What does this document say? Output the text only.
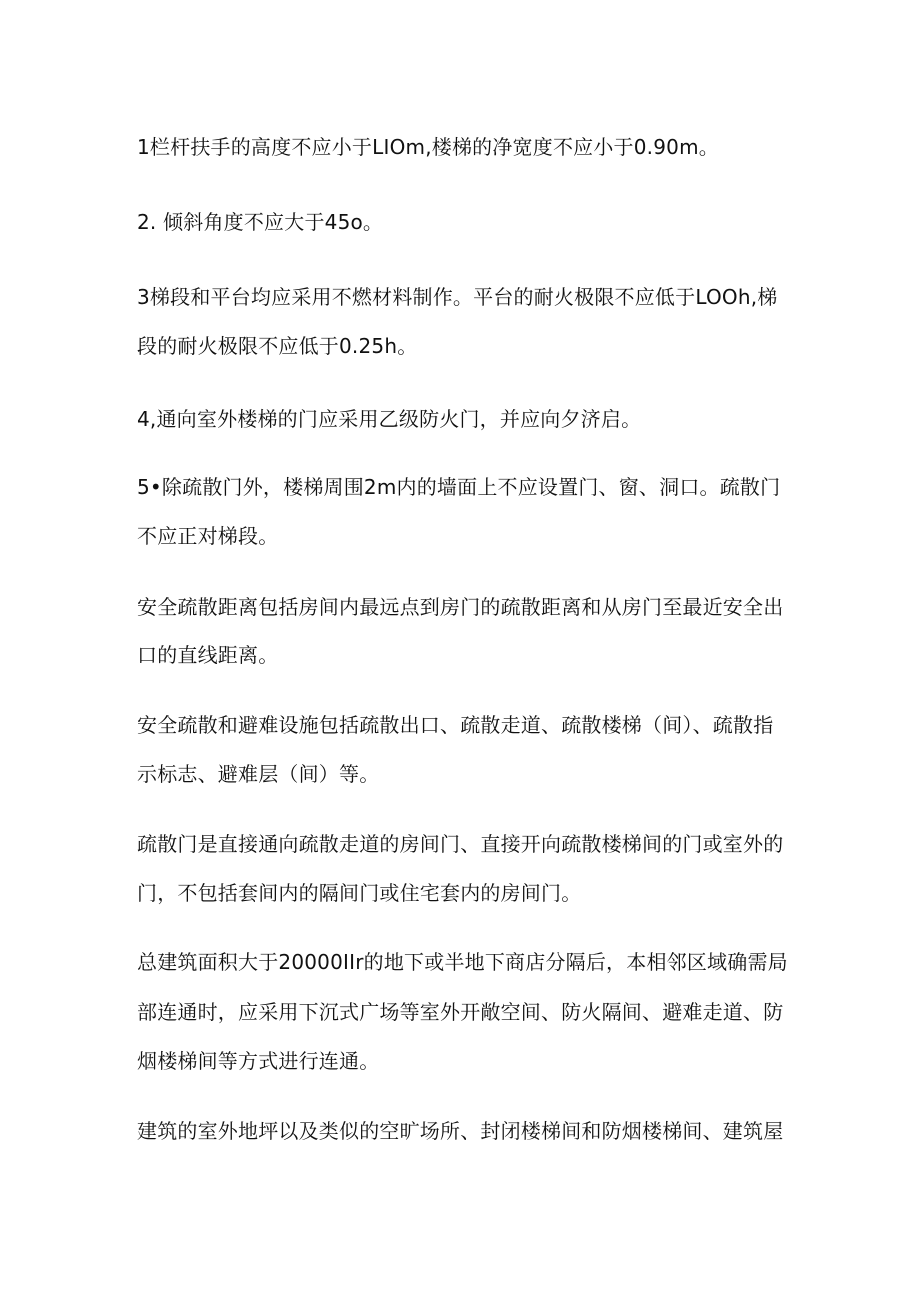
1栏杆扶手的高度不应小于LIOm,楼梯的净宽度不应小于0.90m。
2. 倾斜角度不应大于45o。
3梯段和平台均应采用不燃材料制作。平台的耐火极限不应低于LOOh,梯
段的耐火极限不应低于0.25h。
4,通向室外楼梯的门应采用乙级防火门，并应向夕济启。
5•除疏散门外，楼梯周围2m内的墙面上不应设置门、窗、洞口。疏散门
不应正对梯段。
安全疏散距离包括房间内最远点到房门的疏散距离和从房门至最近安全出
口的直线距离。
安全疏散和避难设施包括疏散出口、疏散走道、疏散楼梯（间）、疏散指
示标志、避难层（间）等。
疏散门是直接通向疏散走道的房间门、直接开向疏散楼梯间的门或室外的
门，不包括套间内的隔间门或住宅套内的房间门。
总建筑面积大于20000IIr的地下或半地下商店分隔后，本相邻区域确需局
部连通时，应采用下沉式广场等室外开敞空间、防火隔间、避难走道、防
烟楼梯间等方式进行连通。
建筑的室外地坪以及类似的空旷场所、封闭楼梯间和防烟楼梯间、建筑屋
